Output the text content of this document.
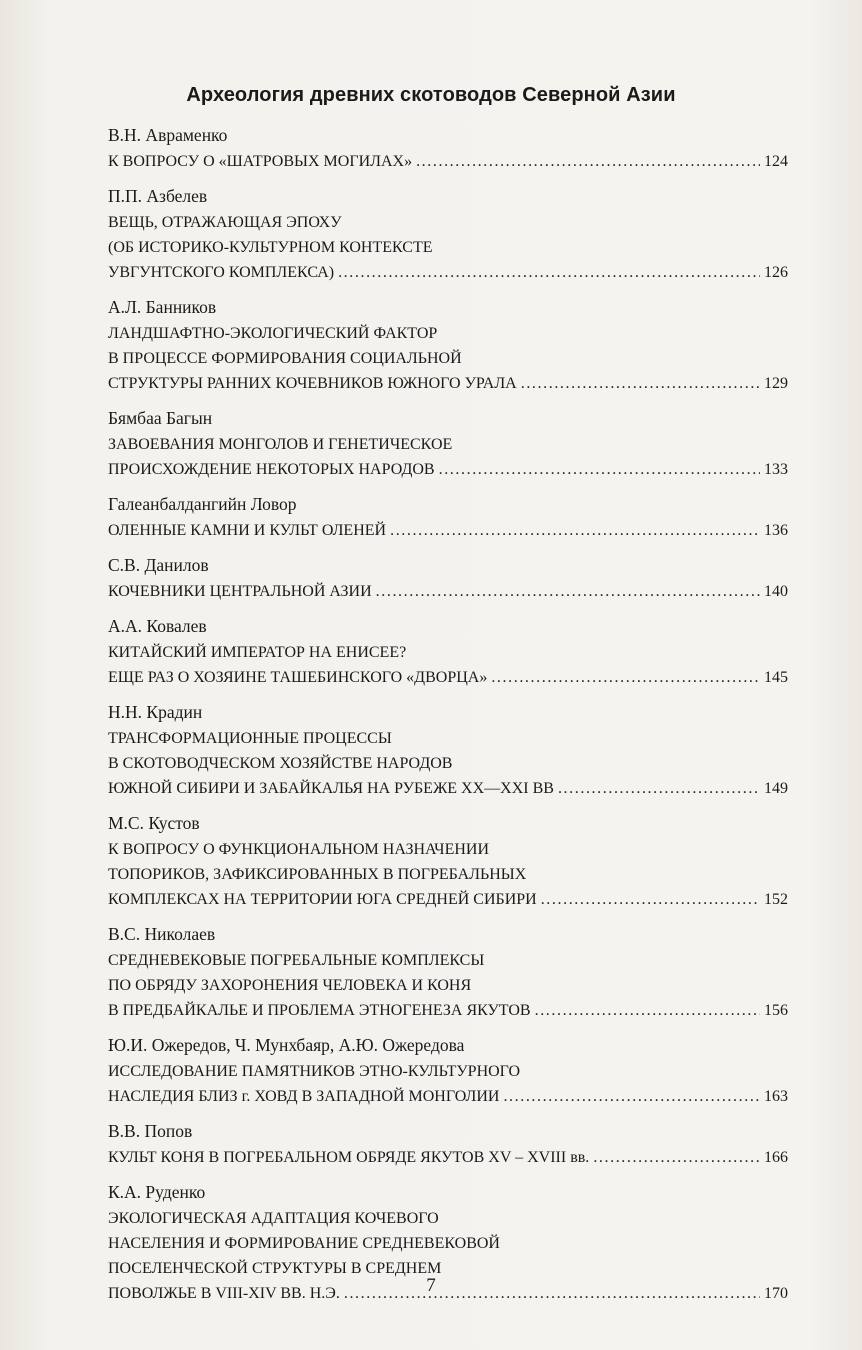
Археология древних скотоводов Северной Азии
В.Н. Авраменко
К ВОПРОСУ О «ШАТРОВЫХ МОГИЛАХ» .....	124
П.П. Азбелев
ВЕЩЬ, ОТРАЖАЮЩАЯ ЭПОХУ
(ОБ ИСТОРИКО-КУЛЬТУРНОМ КОНТЕКСТЕ
УВГУНТСКОГО КОМПЛЕКСА) .....	126
А.Л. Банников
ЛАНДШАФТНО-ЭКОЛОГИЧЕСКИЙ ФАКТОР
В ПРОЦЕССЕ ФОРМИРОВАНИЯ СОЦИАЛЬНОЙ
СТРУКТУРЫ РАННИХ КОЧЕВНИКОВ ЮЖНОГО УРАЛА .....	129
Бямбаа Багын
ЗАВОЕВАНИЯ МОНГОЛОВ И ГЕНЕТИЧЕСКОЕ
ПРОИСХОЖДЕНИЕ НЕКОТОРЫХ НАРОДОВ .....	133
Галеанбалдангийн Ловор
ОЛЕННЫЕ КАМНИ И КУЛЬТ ОЛЕНЕЙ .....	136
С.В. Данилов
КОЧЕВНИКИ ЦЕНТРАЛЬНОЙ АЗИИ .....	140
А.А. Ковалев
КИТАЙСКИЙ ИМПЕРАТОР НА ЕНИСЕЕ?
ЕЩЕ РАЗ О ХОЗЯИНЕ ТАШЕБИНСКОГО «ДВОРЦА» .....	145
Н.Н. Крадин
ТРАНСФОРМАЦИОННЫЕ ПРОЦЕССЫ
В СКОТОВОДЧЕСКОМ ХОЗЯЙСТВЕ НАРОДОВ
ЮЖНОЙ СИБИРИ И ЗАБАЙКАЛЬЯ НА РУБЕЖЕ XX—XXI ВВ .....	149
М.С. Кустов
К ВОПРОСУ О ФУНКЦИОНАЛЬНОМ НАЗНАЧЕНИИ
ТОПОРИКОВ, ЗАФИКСИРОВАННЫХ В ПОГРЕБАЛЬНЫХ
КОМПЛЕКСАХ НА ТЕРРИТОРИИ ЮГА СРЕДНЕЙ СИБИРИ .....	152
В.С. Николаев
СРЕДНЕВЕКОВЫЕ ПОГРЕБАЛЬНЫЕ КОМПЛЕКСЫ
ПО ОБРЯДУ ЗАХОРОНЕНИЯ ЧЕЛОВЕКА И КОНЯ
В ПРЕДБАЙКАЛЬЕ И ПРОБЛЕМА ЭТНОГЕНЕЗА ЯКУТОВ .....	156
Ю.И. Ожередов, Ч. Мунхбаяр, А.Ю. Ожередова
ИССЛЕДОВАНИЕ ПАМЯТНИКОВ ЭТНО-КУЛЬТУРНОГО
НАСЛЕДИЯ БЛИЗ г. ХОВД В ЗАПАДНОЙ МОНГОЛИИ .....	163
В.В. Попов
КУЛЬТ КОНЯ В ПОГРЕБАЛЬНОМ ОБРЯДЕ ЯКУТОВ XV – XVIII вв. .....	166
К.А. Руденко
ЭКОЛОГИЧЕСКАЯ АДАПТАЦИЯ КОЧЕВОГО
НАСЕЛЕНИЯ И ФОРМИРОВАНИЕ СРЕДНЕВЕКОВОЙ
ПОСЕЛЕНЧЕСКОЙ СТРУКТУРЫ В СРЕДНЕМ
ПОВОЛЖЬЕ В VIII-XIV ВВ. Н.Э. .....	170
7
